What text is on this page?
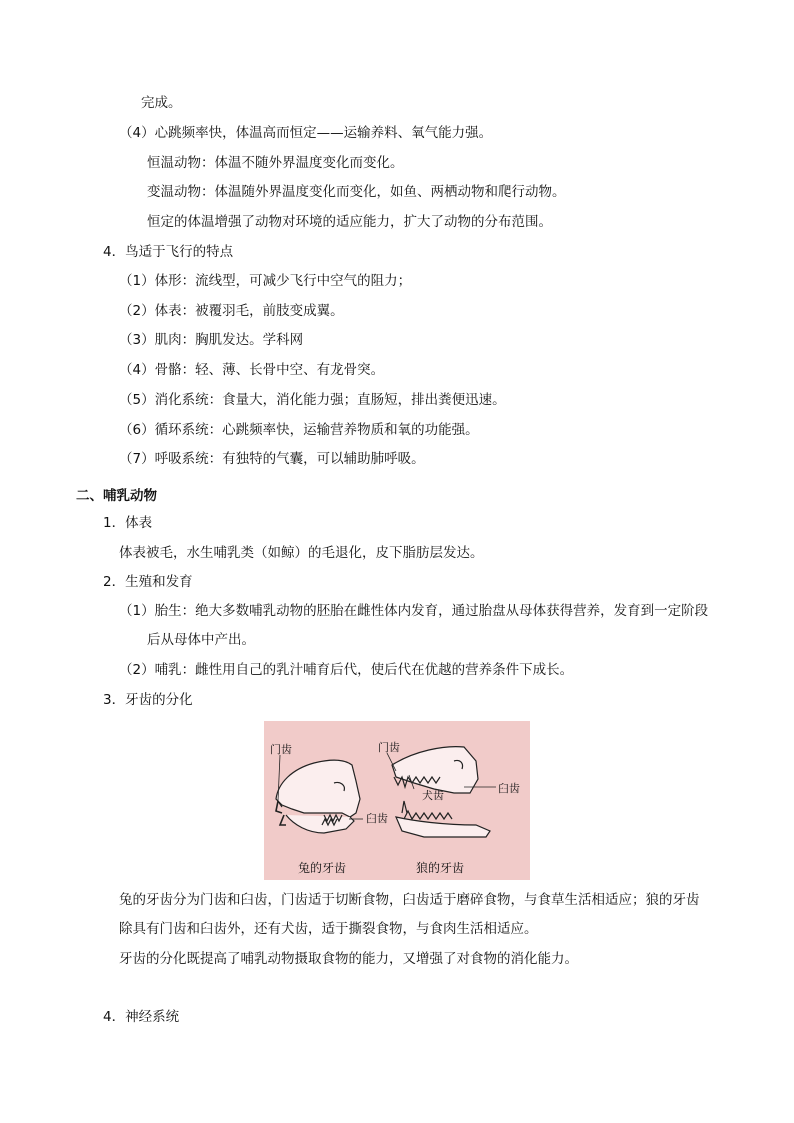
完成。
（4）心跳频率快，体温高而恒定——运输养料、氧气能力强。
恒温动物：体温不随外界温度变化而变化。
变温动物：体温随外界温度变化而变化，如鱼、两栖动物和爬行动物。
恒定的体温增强了动物对环境的适应能力，扩大了动物的分布范围。
4．鸟适于飞行的特点
（1）体形：流线型，可减少飞行中空气的阻力；
（2）体表：被覆羽毛，前肢变成翼。
（3）肌肉：胸肌发达。学科网
（4）骨骼：轻、薄、长骨中空、有龙骨突。
（5）消化系统：食量大，消化能力强；直肠短，排出粪便迅速。
（6）循环系统：心跳频率快，运输营养物质和氧的功能强。
（7）呼吸系统：有独特的气囊，可以辅助肺呼吸。
二、哺乳动物
1．体表
体表被毛，水生哺乳类（如鲸）的毛退化，皮下脂肪层发达。
2．生殖和发育
（1）胎生：绝大多数哺乳动物的胚胎在雌性体内发育，通过胎盘从母体获得营养，发育到一定阶段
后从母体中产出。
（2）哺乳：雌性用自己的乳汁哺育后代，使后代在优越的营养条件下成长。
3．牙齿的分化
门齿
臼齿
兔的牙齿
门齿
犬齿
臼齿
狼的牙齿
兔的牙齿分为门齿和臼齿，门齿适于切断食物，臼齿适于磨碎食物，与食草生活相适应；狼的牙齿
除具有门齿和臼齿外，还有犬齿，适于撕裂食物，与食肉生活相适应。
牙齿的分化既提高了哺乳动物摄取食物的能力，又增强了对食物的消化能力。
4．神经系统
